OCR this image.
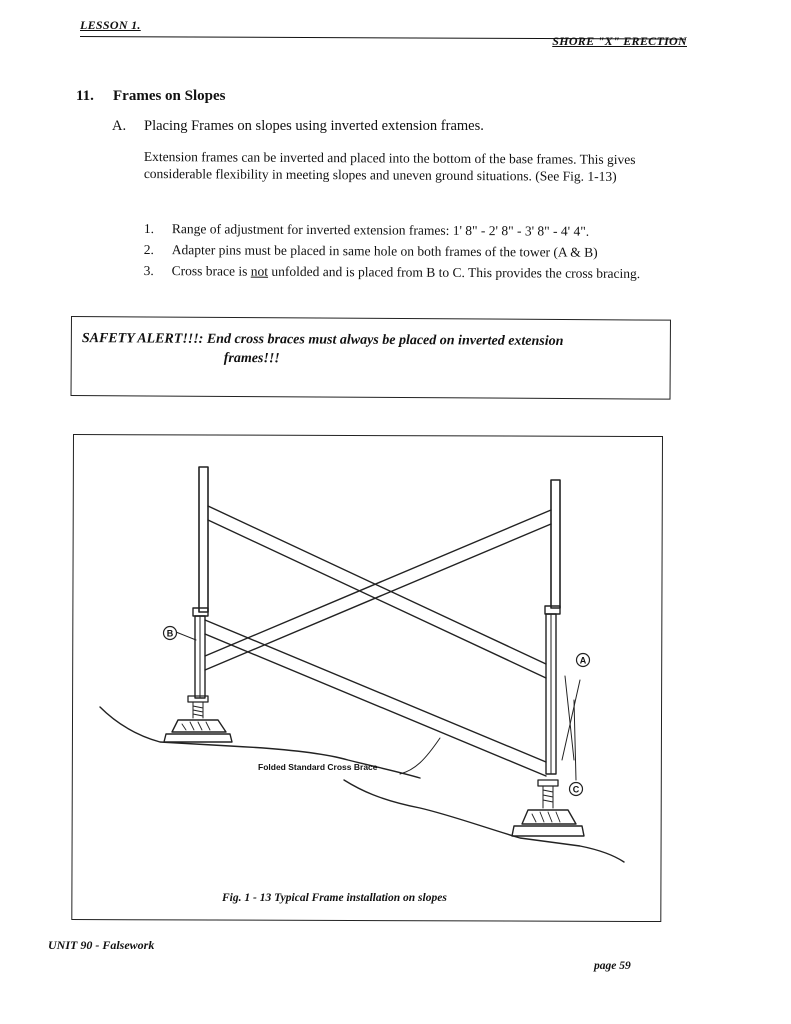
LESSON 1.
SHORE "X" ERECTION
11. Frames on Slopes
A. Placing Frames on slopes using inverted extension frames.
Extension frames can be inverted and placed into the bottom of the base frames. This gives considerable flexibility in meeting slopes and uneven ground situations. (See Fig. 1-13)
1.	Range of adjustment for inverted extension frames: 1' 8" - 2' 8" - 3' 8" - 4' 4".
2.	Adapter pins must be placed in same hole on both frames of the tower (A & B)
3.	Cross brace is not unfolded and is placed from B to C. This provides the cross bracing.
SAFETY ALERT!!!: End cross braces must always be placed on inverted extension
frames!!!
B
A
C
Folded Standard Cross Brace
Fig. 1 - 13 Typical Frame installation on slopes
UNIT 90 - Falsework
page 59
